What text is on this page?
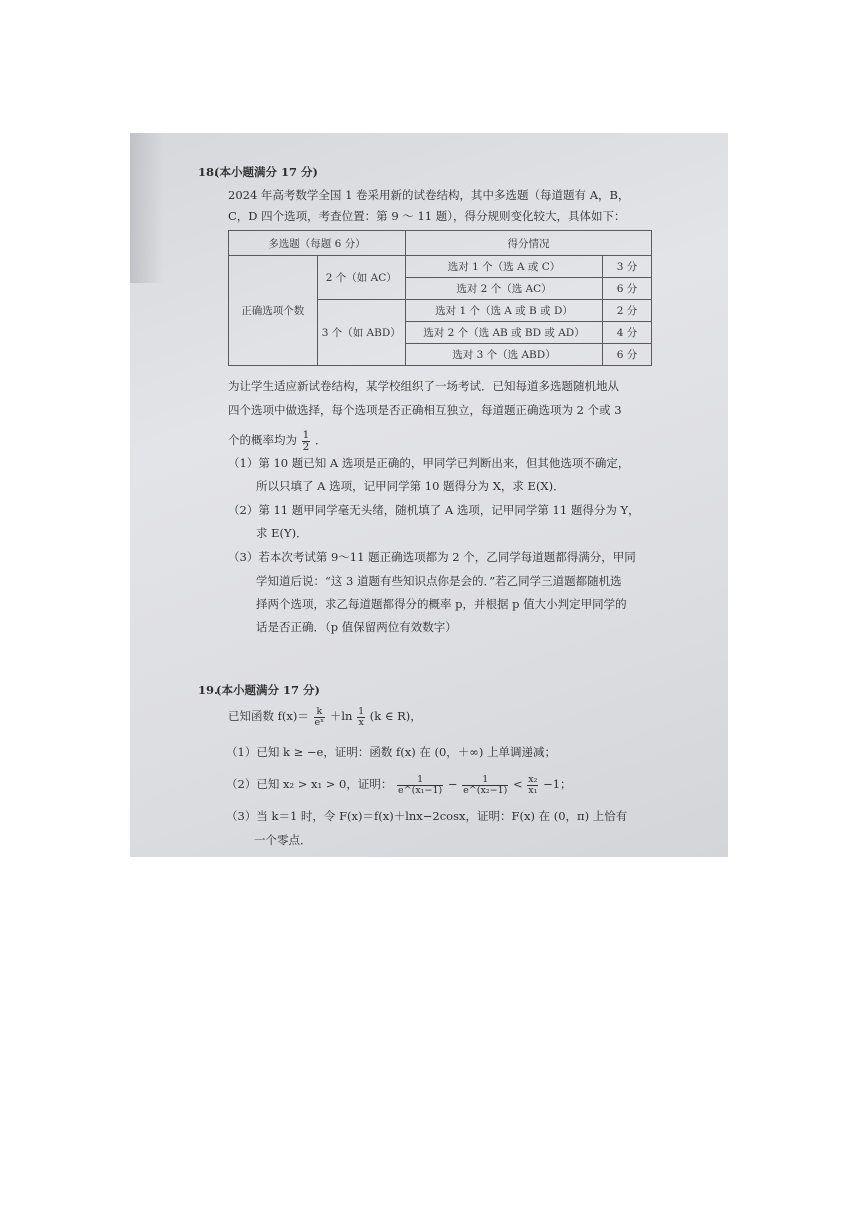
18.
(本小题满分 17 分)
2024 年高考数学全国 1 卷采用新的试卷结构，其中多选题（每道题有 A，B，
C，D 四个选项，考查位置：第 9 ～ 11 题），得分规则变化较大，具体如下：
多选题（每题 6 分）		得分情况	
正确选项个数	2 个（如 AC）	选对 1 个（选 A 或 C）	3 分
		选对 2 个（选 AC）	6 分
	3 个（如 ABD）	选对 1 个（选 A 或 B 或 D）	2 分
		选对 2 个（选 AB 或 BD 或 AD）	4 分
		选对 3 个（选 ABD）	6 分
为让学生适应新试卷结构，某学校组织了一场考试．已知每道多选题随机地从
四个选项中做选择，每个选项是否正确相互独立，每道题正确选项为 2 个或 3
个的概率均为 $\frac{1}{2}$ ．
（1）第 10 题已知 A 选项是正确的，甲同学已判断出来，但其他选项不确定，
所以只填了 A 选项，记甲同学第 10 题得分为 X，求 E(X)．
（2）第 11 题甲同学毫无头绪，随机填了 A 选项，记甲同学第 11 题得分为 Y，
求 E(Y)．
（3）若本次考试第 9～11 题正确选项都为 2 个，乙同学每道题都得满分，甲同
学知道后说：“这 3 道题有些知识点你是会的．”若乙同学三道题都随机选
择两个选项，求乙每道题都得分的概率 p，并根据 p 值大小判定甲同学的
话是否正确．（p 值保留两位有效数字）
19.
(本小题满分 17 分)
已知函数 $f(x)= \frac{k}{\text{eˣ}} +\ln \frac{1}{x} (k$ ∈ R)，
（1）已知 k ≥ −e，证明：函数 f(x) 在 (0，＋∞) 上单调递减；
（2）已知 x₂ > x₁ > 0，证明： $\frac{1}{\text{e\textasciicircum{}(x₁−1)}} - \frac{1}{\text{e\textasciicircum{}(x₂−1)}} < \frac{\text{x₂}}{\text{x₁}} -1$；
（3）当 k＝1 时，令 F(x)＝f(x)＋lnx−2cosx，证明：F(x) 在 (0，π) 上恰有
一个零点．
